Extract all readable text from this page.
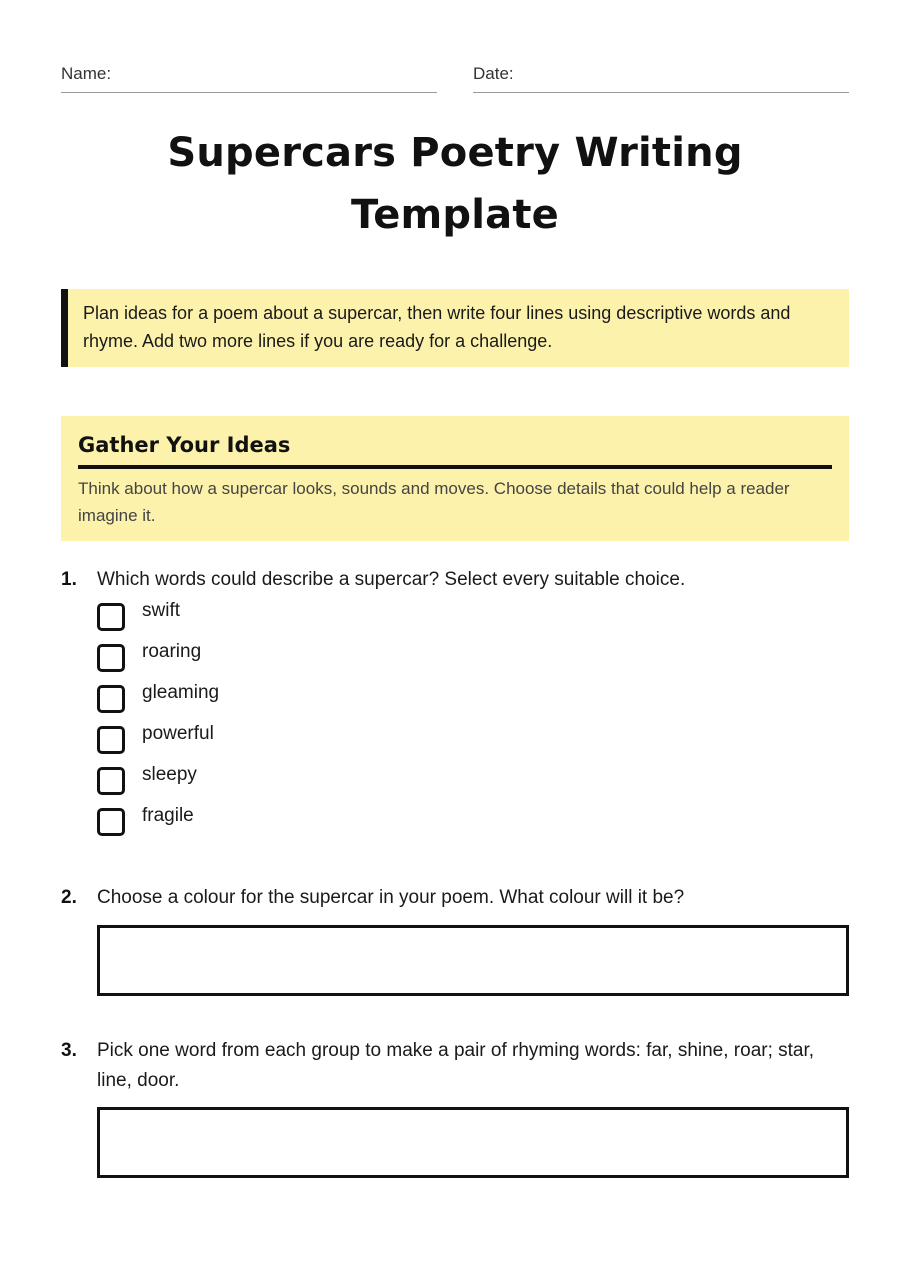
Name:	Date:
Supercars Poetry Writing Template
Plan ideas for a poem about a supercar, then write four lines using descriptive words and rhyme. Add two more lines if you are ready for a challenge.
Gather Your Ideas
Think about how a supercar looks, sounds and moves. Choose details that could help a reader imagine it.
1. Which words could describe a supercar? Select every suitable choice.
swift
roaring
gleaming
powerful
sleepy
fragile
2. Choose a colour for the supercar in your poem. What colour will it be?
3. Pick one word from each group to make a pair of rhyming words: far, shine, roar; star, line, door.
